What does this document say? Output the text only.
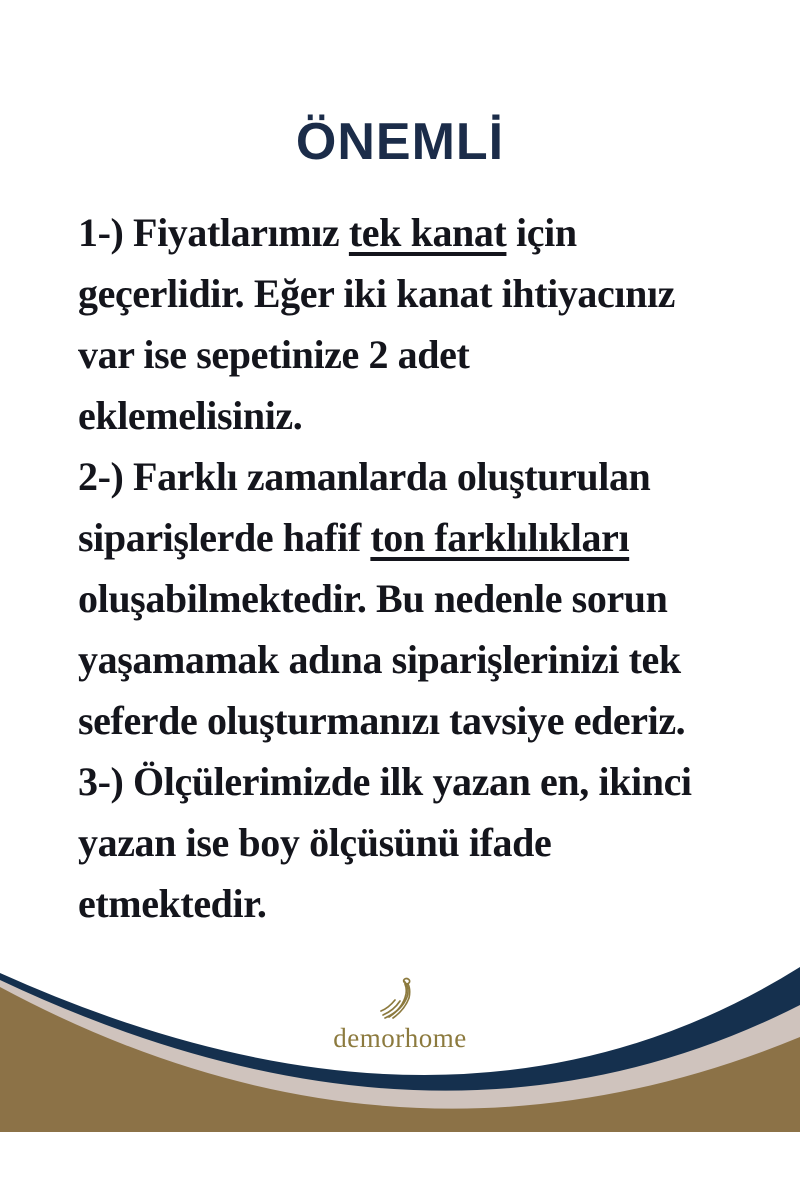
ÖNEMLİ
1-) Fiyatlarımız tek kanat için
geçerlidir. Eğer iki kanat ihtiyacınız
var ise sepetinize 2 adet
eklemelisiniz.
2-) Farklı zamanlarda oluşturulan
siparişlerde hafif ton farklılıkları
oluşabilmektedir. Bu nedenle sorun
yaşamamak adına siparişlerinizi tek
seferde oluşturmanızı tavsiye ederiz.
3-) Ölçülerimizde ilk yazan en, ikinci
yazan ise boy ölçüsünü ifade
etmektedir.
demorhome
